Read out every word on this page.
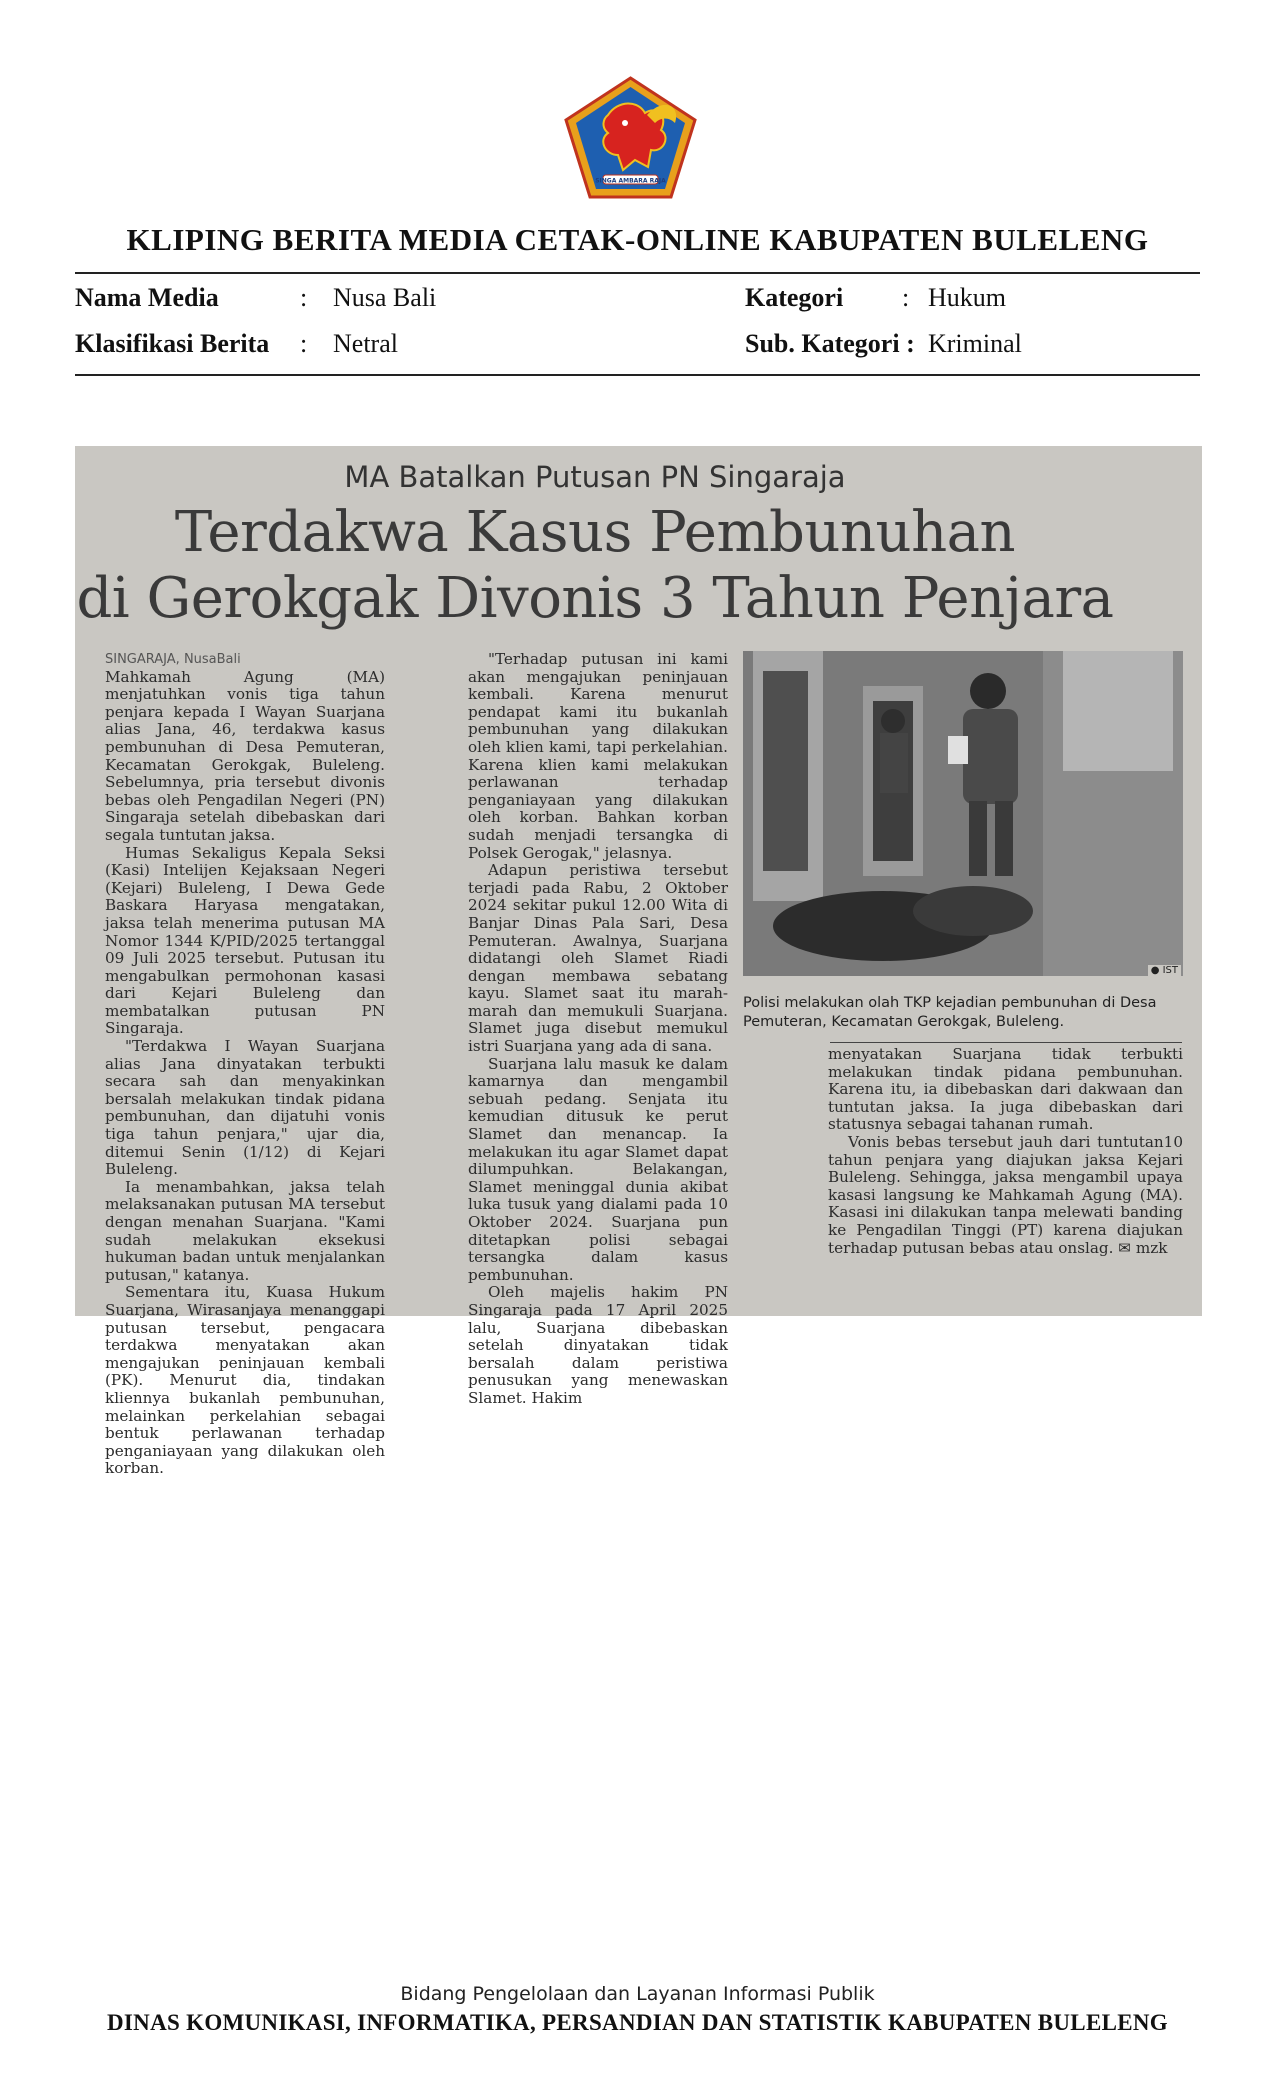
SINGA AMBARA RAJA
KLIPING BERITA MEDIA CETAK-ONLINE KABUPATEN BULELENG
Nama Media	: Nusa Bali	Kategori : Hukum
Klasifikasi Berita : Netral	Sub. Kategori : Kriminal
MA Batalkan Putusan PN Singaraja
Terdakwa Kasus Pembunuhan
di Gerokgak Divonis 3 Tahun Penjara

SINGARAJA, NusaBali

Mahkamah Agung (MA) menjatuhkan vonis tiga tahun penjara kepada I Wayan Suarjana alias Jana, 46, terdakwa kasus pembunuhan di Desa Pemuteran, Kecamatan Gerokgak, Buleleng. Sebelumnya, pria tersebut divonis bebas oleh Pengadilan Negeri (PN) Singaraja setelah dibebaskan dari segala tuntutan jaksa.

Humas Sekaligus Kepala Seksi (Kasi) Intelijen Kejaksaan Negeri (Kejari) Buleleng, I Dewa Gede Baskara Haryasa mengatakan, jaksa telah menerima putusan MA Nomor 1344 K/PID/2025 tertanggal 09 Juli 2025 tersebut. Putusan itu mengabulkan permohonan kasasi dari Kejari Buleleng dan membatalkan putusan PN Singaraja.

"Terdakwa I Wayan Suarjana alias Jana dinyatakan terbukti secara sah dan menyakinkan bersalah melakukan tindak pidana pembunuhan, dan dijatuhi vonis tiga tahun penjara," ujar dia, ditemui Senin (1/12) di Kejari Buleleng.

Ia menambahkan, jaksa telah melaksanakan putusan MA tersebut dengan menahan Suarjana. "Kami sudah melakukan eksekusi hukuman badan untuk menjalankan putusan," katanya.

Sementara itu, Kuasa Hukum Suarjana, Wirasanjaya menanggapi putusan tersebut, pengacara terdakwa menyatakan akan mengajukan peninjauan kembali (PK). Menurut dia, tindakan kliennya bukanlah pembunuhan, melainkan perkelahian sebagai bentuk perlawanan terhadap penganiayaan yang dilakukan oleh korban.

"Terhadap putusan ini kami akan mengajukan peninjauan kembali. Karena menurut pendapat kami itu bukanlah pembunuhan yang dilakukan oleh klien kami, tapi perkelahian. Karena klien kami melakukan perlawanan terhadap penganiayaan yang dilakukan oleh korban. Bahkan korban sudah menjadi tersangka di Polsek Gerogak," jelasnya.

Adapun peristiwa tersebut terjadi pada Rabu, 2 Oktober 2024 sekitar pukul 12.00 Wita di Banjar Dinas Pala Sari, Desa Pemuteran. Awalnya, Suarjana didatangi oleh Slamet Riadi dengan membawa sebatang kayu. Slamet saat itu marah-marah dan memukuli Suarjana. Slamet juga disebut memukul istri Suarjana yang ada di sana.

Suarjana lalu masuk ke dalam kamarnya dan mengambil sebuah pedang. Senjata itu kemudian ditusuk ke perut Slamet dan menancap. Ia melakukan itu agar Slamet dapat dilumpuhkan. Belakangan, Slamet meninggal dunia akibat luka tusuk yang dialami pada 10 Oktober 2024. Suarjana pun ditetapkan polisi sebagai tersangka dalam kasus pembunuhan.

Oleh majelis hakim PN Singaraja pada 17 April 2025 lalu, Suarjana dibebaskan setelah dinyatakan tidak bersalah dalam peristiwa penusukan yang menewaskan Slamet. Hakim

● IST
Polisi melakukan olah TKP kejadian pembunuhan di Desa Pemuteran, Kecamatan Gerokgak, Buleleng.

menyatakan Suarjana tidak terbukti melakukan tindak pidana pembunuhan. Karena itu, ia dibebaskan dari dakwaan dan tuntutan jaksa. Ia juga dibebaskan dari statusnya sebagai tahanan rumah.

Vonis bebas tersebut jauh dari tuntutan10 tahun penjara yang diajukan jaksa Kejari Buleleng. Sehingga, jaksa mengambil upaya kasasi langsung ke Mahkamah Agung (MA). Kasasi ini dilakukan tanpa melewati banding ke Pengadilan Tinggi (PT) karena diajukan terhadap putusan bebas atau onslag. ✉ mzk

Bidang Pengelolaan dan Layanan Informasi Publik
DINAS KOMUNIKASI, INFORMATIKA, PERSANDIAN DAN STATISTIK KABUPATEN BULELENG
